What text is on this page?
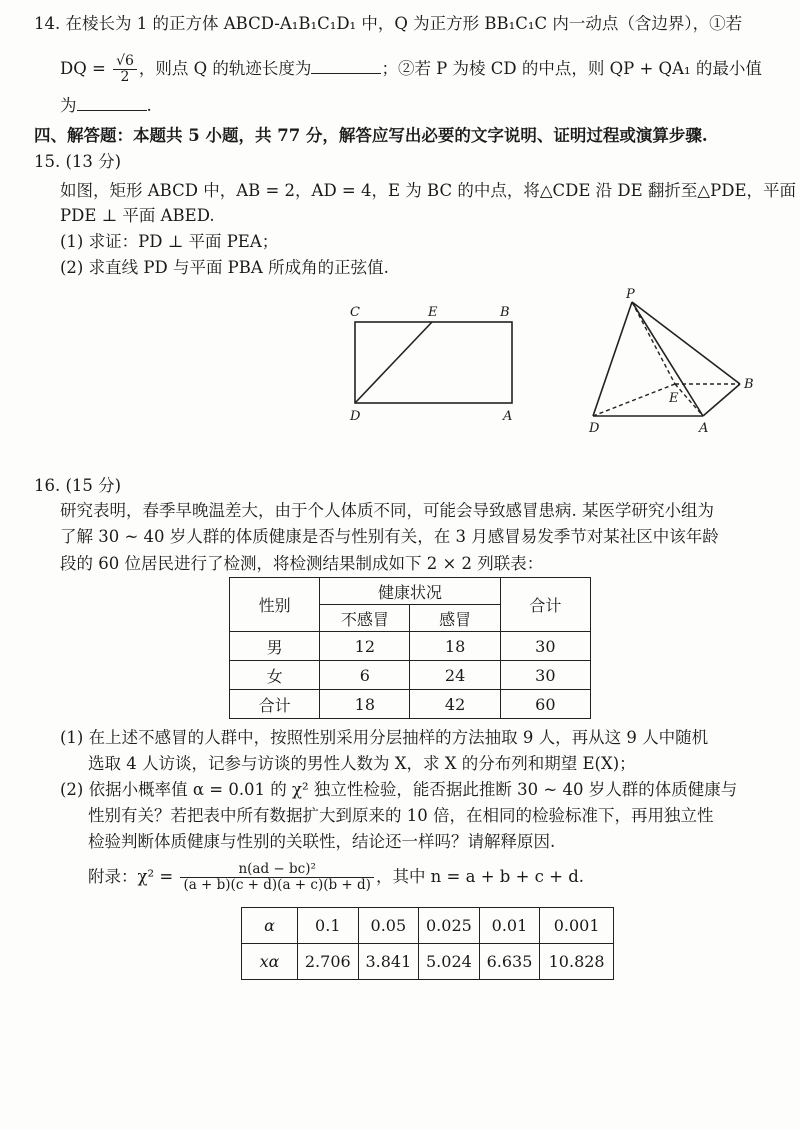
14. 在棱长为 1 的正方体 ABCD-A₁B₁C₁D₁ 中，Q 为正方形 BB₁C₁C 内一动点（含边界），①若
DQ = $\frac{√6}{2}$ ，则点 Q 的轨迹长度为	；②若 P 为棱 CD 的中点，则 QP + QA₁ 的最小值
为	.
四、解答题：本题共 5 小题，共 77 分，解答应写出必要的文字说明、证明过程或演算步骤.
15. (13 分)
如图，矩形 ABCD 中，AB = 2，AD = 4，E 为 BC 的中点，将△CDE 沿 DE 翻折至△PDE，平面
PDE ⊥ 平面 ABED.
(1) 求证：PD ⊥ 平面 PEA；
(2) 求直线 PD 与平面 PBA 所成角的正弦值.
C	E	B
D	A
P
B
E
D	A
16. (15 分)
研究表明，春季早晚温差大，由于个人体质不同，可能会导致感冒患病. 某医学研究小组为
了解 30 ~ 40 岁人群的体质健康是否与性别有关，在 3 月感冒易发季节对某社区中该年龄
段的 60 位居民进行了检测，将检测结果制成如下 2 × 2 列联表：
性别	健康状况		合计
	不感冒	感冒	
男	12	18	30
女	6	24	30
合计	18	42	60
(1) 在上述不感冒的人群中，按照性别采用分层抽样的方法抽取 9 人，再从这 9 人中随机
选取 4 人访谈，记参与访谈的男性人数为 X，求 X 的分布列和期望 E(X)；
(2) 依据小概率值 α = 0.01 的 χ² 独立性检验，能否据此推断 30 ~ 40 岁人群的体质健康与
性别有关？若把表中所有数据扩大到原来的 10 倍，在相同的检验标准下，再用独立性
检验判断体质健康与性别的关联性，结论还一样吗？请解释原因.
附录：$\chi^2 = \frac{\text{n(ad − bc)²}}{(a + b)(c + d)(a + c)(b + d)}$ ，其中 n = a + b + c + d.
α	0.1	0.05	0.025	0.01	0.001
xα	2.706	3.841	5.024	6.635	10.828
